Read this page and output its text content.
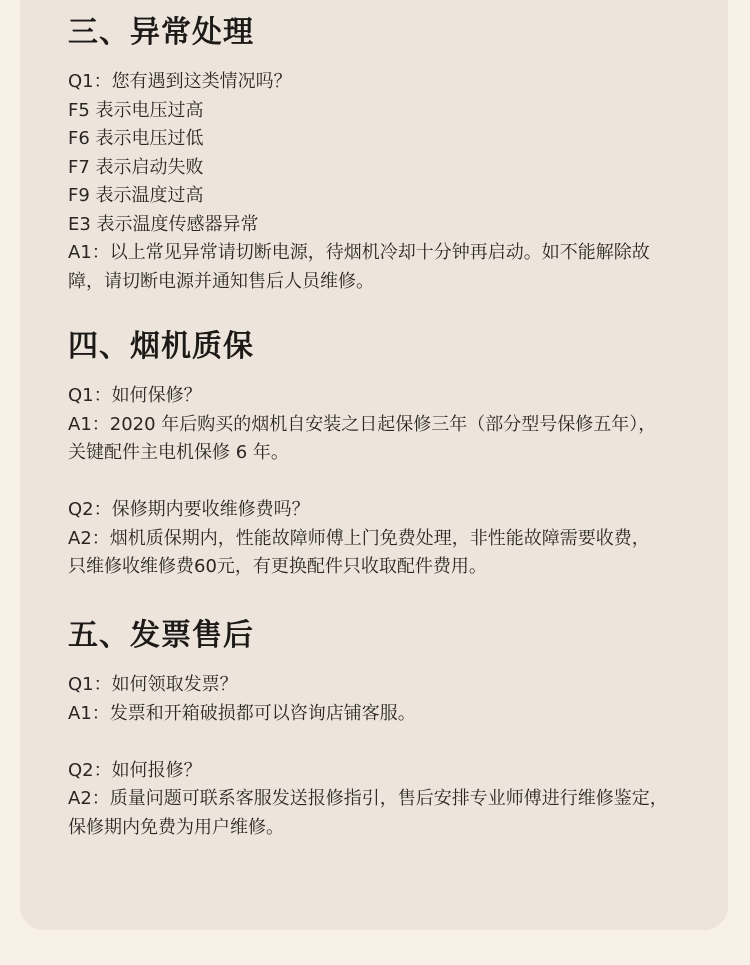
三、异常处理
Q1：您有遇到这类情况吗？
F5 表示电压过高
F6 表示电压过低
F7 表示启动失败
F9 表示温度过高
E3 表示温度传感器异常
A1：以上常见异常请切断电源，待烟机冷却十分钟再启动。如不能解除故
障，请切断电源并通知售后人员维修。
四、烟机质保
Q1：如何保修？
A1：2020 年后购买的烟机自安装之日起保修三年（部分型号保修五年），
关键配件主电机保修 6 年。
Q2：保修期内要收维修费吗？
A2：烟机质保期内，性能故障师傅上门免费处理，非性能故障需要收费，
只维修收维修费60元，有更换配件只收取配件费用。
五、发票售后
Q1：如何领取发票？
A1：发票和开箱破损都可以咨询店铺客服。
Q2：如何报修？
A2：质量问题可联系客服发送报修指引，售后安排专业师傅进行维修鉴定，
保修期内免费为用户维修。
